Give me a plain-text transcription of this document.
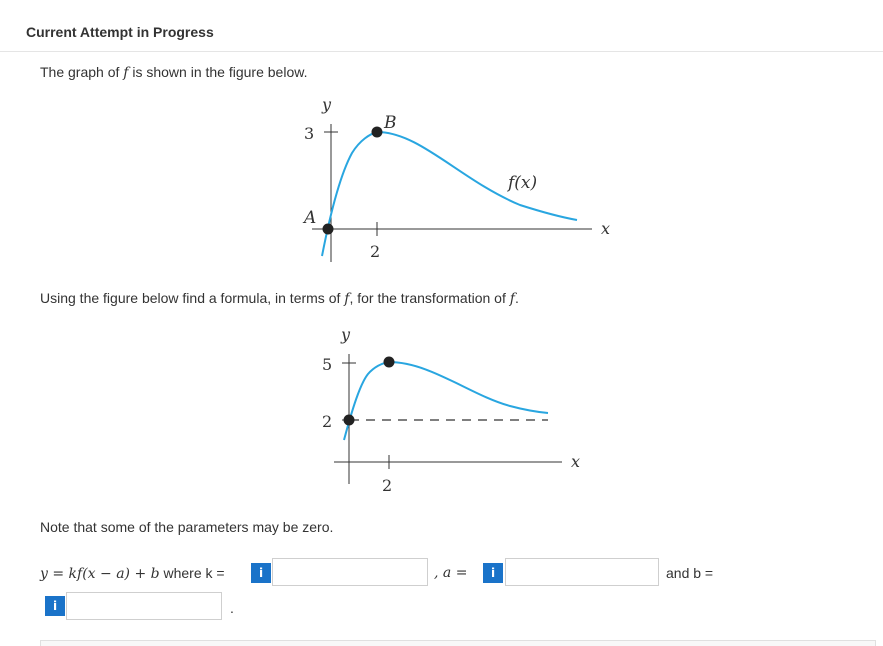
Current Attempt in Progress
The graph of f is shown in the figure below.
y
3
B
f(x)
A
x
2
Using the figure below find a formula, in terms of f, for the transformation of f.
y
5
2
x
2
Note that some of the parameters may be zero.
y = kf(x − a) + b where k =	i	, a =	i	and b =
i	.
